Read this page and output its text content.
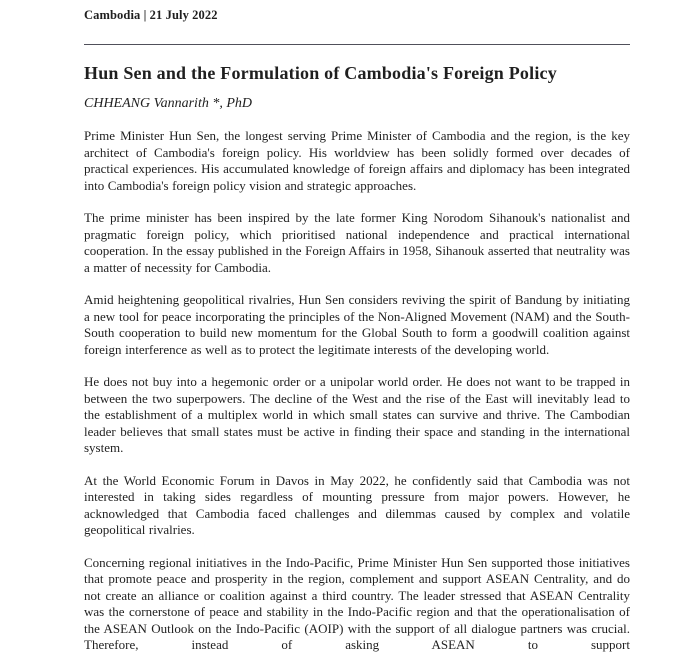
Cambodia | 21 July 2022
Hun Sen and the Formulation of Cambodia's Foreign Policy
CHHEANG Vannarith *, PhD

Prime Minister Hun Sen, the longest serving Prime Minister of Cambodia and the region, is the key architect of Cambodia's foreign policy. His worldview has been solidly formed over decades of practical experiences. His accumulated knowledge of foreign affairs and diplomacy has been integrated into Cambodia's foreign policy vision and strategic approaches.

The prime minister has been inspired by the late former King Norodom Sihanouk's nationalist and pragmatic foreign policy, which prioritised national independence and practical international cooperation. In the essay published in the Foreign Affairs in 1958, Sihanouk asserted that neutrality was a matter of necessity for Cambodia.

Amid heightening geopolitical rivalries, Hun Sen considers reviving the spirit of Bandung by initiating a new tool for peace incorporating the principles of the Non-Aligned Movement (NAM) and the South-South cooperation to build new momentum for the Global South to form a goodwill coalition against foreign interference as well as to protect the legitimate interests of the developing world.

He does not buy into a hegemonic order or a unipolar world order. He does not want to be trapped in between the two superpowers. The decline of the West and the rise of the East will inevitably lead to the establishment of a multiplex world in which small states can survive and thrive. The Cambodian leader believes that small states must be active in finding their space and standing in the international system.

At the World Economic Forum in Davos in May 2022, he confidently said that Cambodia was not interested in taking sides regardless of mounting pressure from major powers. However, he acknowledged that Cambodia faced challenges and dilemmas caused by complex and volatile geopolitical rivalries.

Concerning regional initiatives in the Indo-Pacific, Prime Minister Hun Sen supported those initiatives that promote peace and prosperity in the region, complement and support ASEAN Centrality, and do not create an alliance or coalition against a third country. The leader stressed that ASEAN Centrality was the cornerstone of peace and stability in the Indo-Pacific region and that the operationalisation of the ASEAN Outlook on the Indo-Pacific (AOIP) with the support of all dialogue partners was crucial. Therefore, instead of asking ASEAN to support
